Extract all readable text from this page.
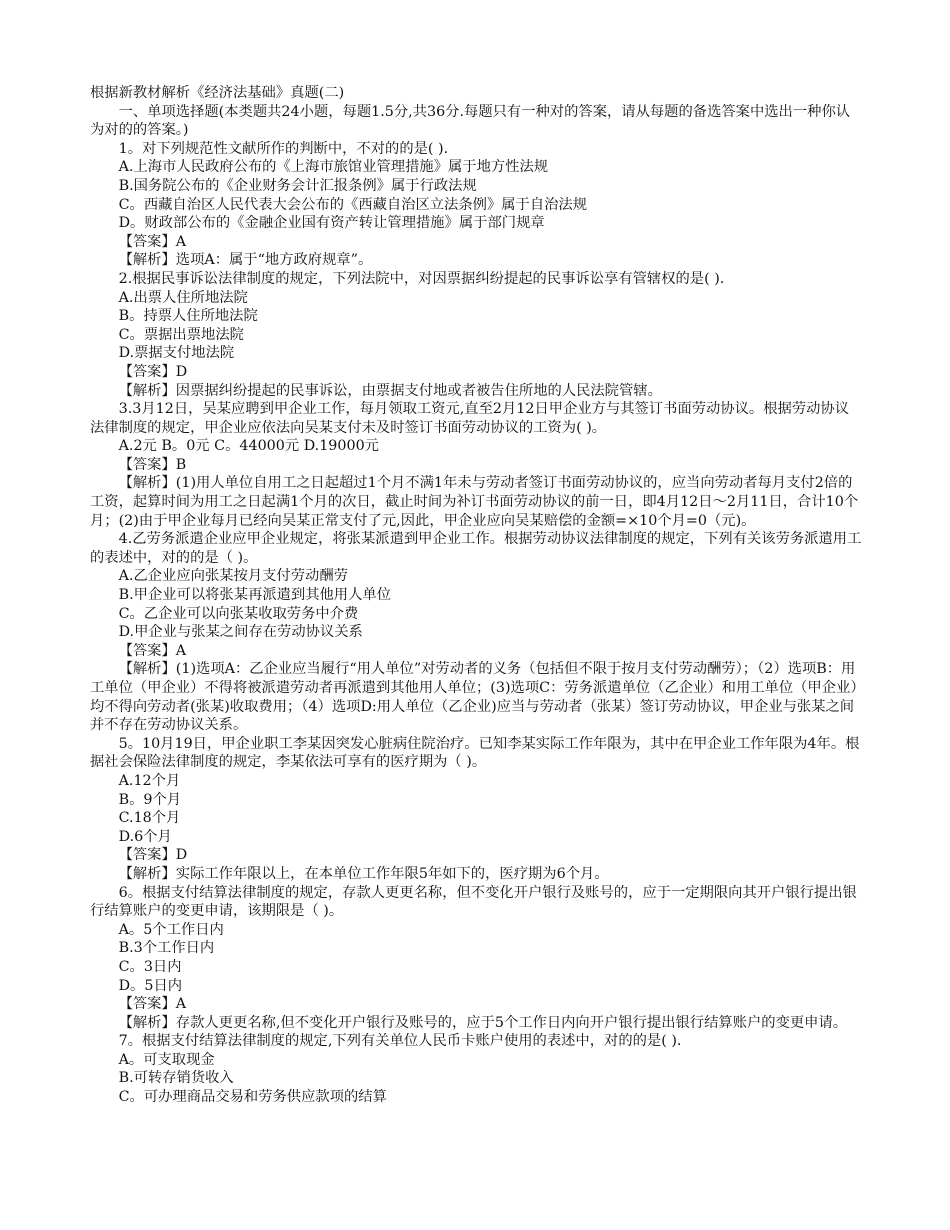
根据新教材解析《经济法基础》真题(二)

一、单项选择题(本类题共24小题，每题1.5分,共36分.每题只有一种对的答案，请从每题的备选答案中选出一种你认为对的的答案。)

1。对下列规范性文献所作的判断中，不对的的是( ).

A.上海市人民政府公布的《上海市旅馆业管理措施》属于地方性法规

B.国务院公布的《企业财务会计汇报条例》属于行政法规

C。西藏自治区人民代表大会公布的《西藏自治区立法条例》属于自治法规

D。财政部公布的《金融企业国有资产转让管理措施》属于部门规章

【答案】A

【解析】选项A：属于“地方政府规章”。

2.根据民事诉讼法律制度的规定，下列法院中，对因票据纠纷提起的民事诉讼享有管辖权的是( ).

A.出票人住所地法院

B。持票人住所地法院

C。票据出票地法院

D.票据支付地法院

【答案】D

【解析】因票据纠纷提起的民事诉讼，由票据支付地或者被告住所地的人民法院管辖。

3.3月12日，吴某应聘到甲企业工作，每月领取工资元,直至2月12日甲企业方与其签订书面劳动协议。根据劳动协议法律制度的规定，甲企业应依法向吴某支付未及时签订书面劳动协议的工资为( )。

A.2元 B。0元 C。44000元 D.19000元

【答案】B

【解析】(1)用人单位自用工之日起超过1个月不满1年未与劳动者签订书面劳动协议的，应当向劳动者每月支付2倍的工资，起算时间为用工之日起满1个月的次日，截止时间为补订书面劳动协议的前一日，即4月12日～2月11日，合计10个月；(2)由于甲企业每月已经向吴某正常支付了元,因此，甲企业应向吴某赔偿的金额=×10个月=0（元)。

4.乙劳务派遣企业应甲企业规定，将张某派遣到甲企业工作。根据劳动协议法律制度的规定，下列有关该劳务派遣用工的表述中，对的的是（ )。

A.乙企业应向张某按月支付劳动酬劳

B.甲企业可以将张某再派遣到其他用人单位

C。乙企业可以向张某收取劳务中介费

D.甲企业与张某之间存在劳动协议关系

【答案】A

【解析】(1)选项A：乙企业应当履行“用人单位”对劳动者的义务（包括但不限于按月支付劳动酬劳）；（2）选项B：用工单位（甲企业）不得将被派遣劳动者再派遣到其他用人单位；(3)选项C：劳务派遣单位（乙企业）和用工单位（甲企业）均不得向劳动者(张某)收取费用；（4）选项D:用人单位（乙企业)应当与劳动者（张某）签订劳动协议，甲企业与张某之间并不存在劳动协议关系。

5。10月19日，甲企业职工李某因突发心脏病住院治疗。已知李某实际工作年限为，其中在甲企业工作年限为4年。根据社会保险法律制度的规定，李某依法可享有的医疗期为（ )。

A.12个月

B。9个月

C.18个月

D.6个月

【答案】D

【解析】实际工作年限以上，在本单位工作年限5年如下的，医疗期为6个月。

6。根据支付结算法律制度的规定，存款人更更名称，但不变化开户银行及账号的，应于一定期限向其开户银行提出银行结算账户的变更申请，该期限是（ )。

A。5个工作日内

B.3个工作日内

C。3日内

D。5日内

【答案】A

【解析】存款人更更名称,但不变化开户银行及账号的，应于5个工作日内向开户银行提出银行结算账户的变更申请。

7。根据支付结算法律制度的规定,下列有关单位人民币卡账户使用的表述中，对的的是( ).

A。可支取现金

B.可转存销货收入

C。可办理商品交易和劳务供应款项的结算
